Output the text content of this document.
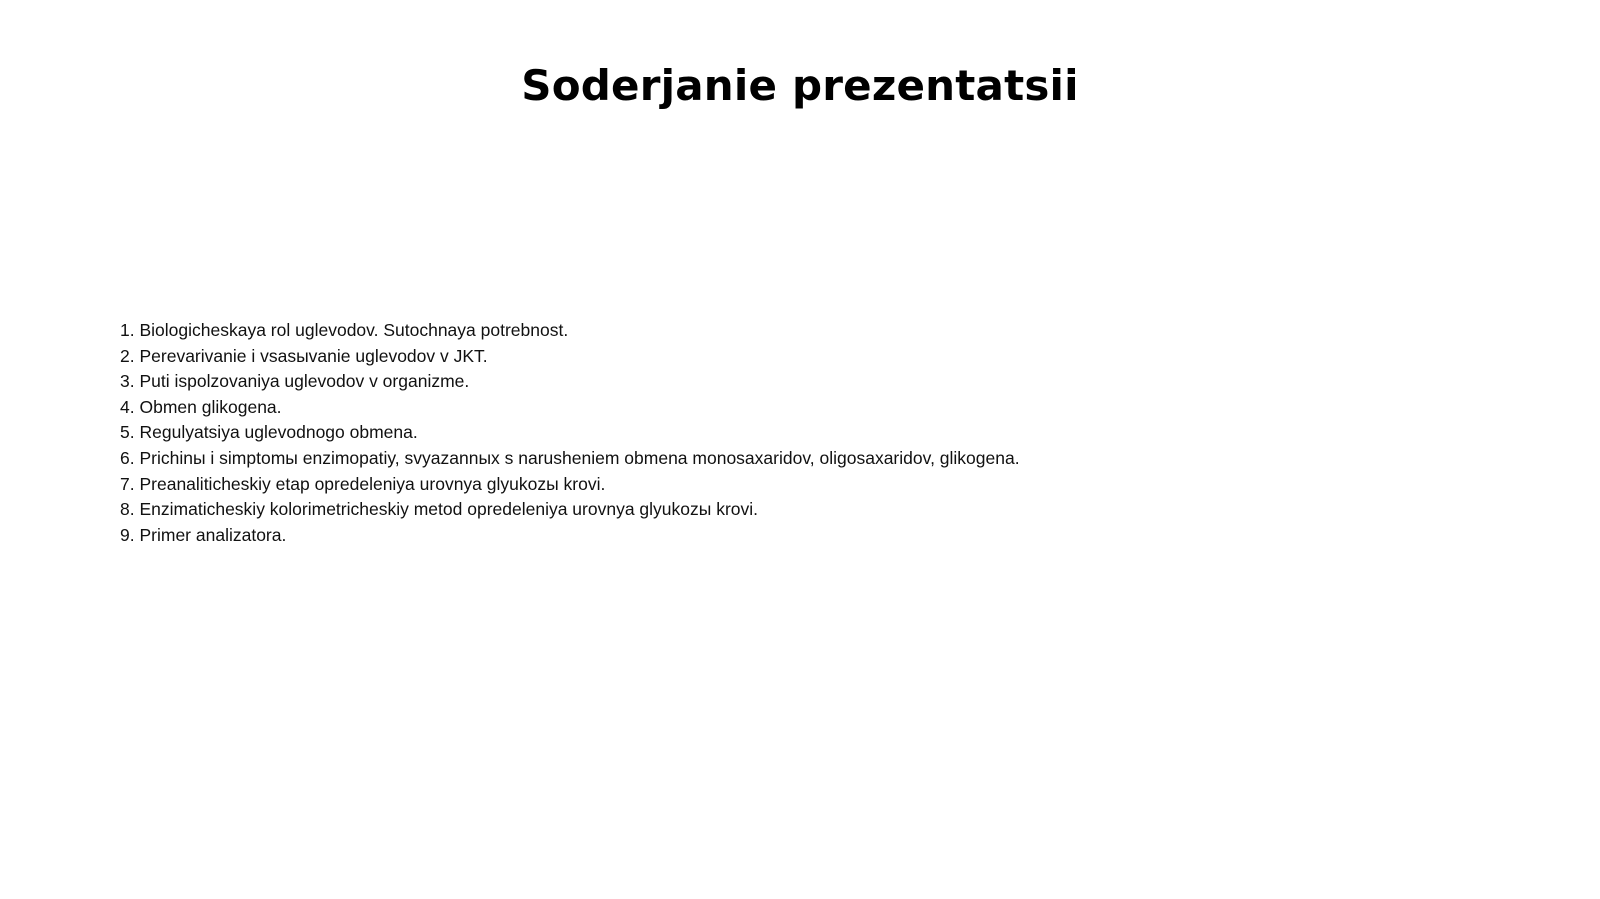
Soderjanie prezentatsii
1. Biologicheskaya rol uglevodov. Sutochnaya potrebnost.
2. Perevarivanie i vsasыvanie uglevodov v JKT.
3. Puti ispolzovaniya uglevodov v organizme.
4. Obmen glikogena.
5. Regulyatsiya uglevodnogo obmena.
6. Prichinы i simptomы enzimopatiy, svyazannыx s narusheniem obmena monosaxaridov, oligosaxaridov, glikogena.
7. Preanaliticheskiy etap opredeleniya urovnya glyukozы krovi.
8. Enzimaticheskiy kolorimetricheskiy metod opredeleniya urovnya glyukozы krovi.
9. Primer analizatora.
